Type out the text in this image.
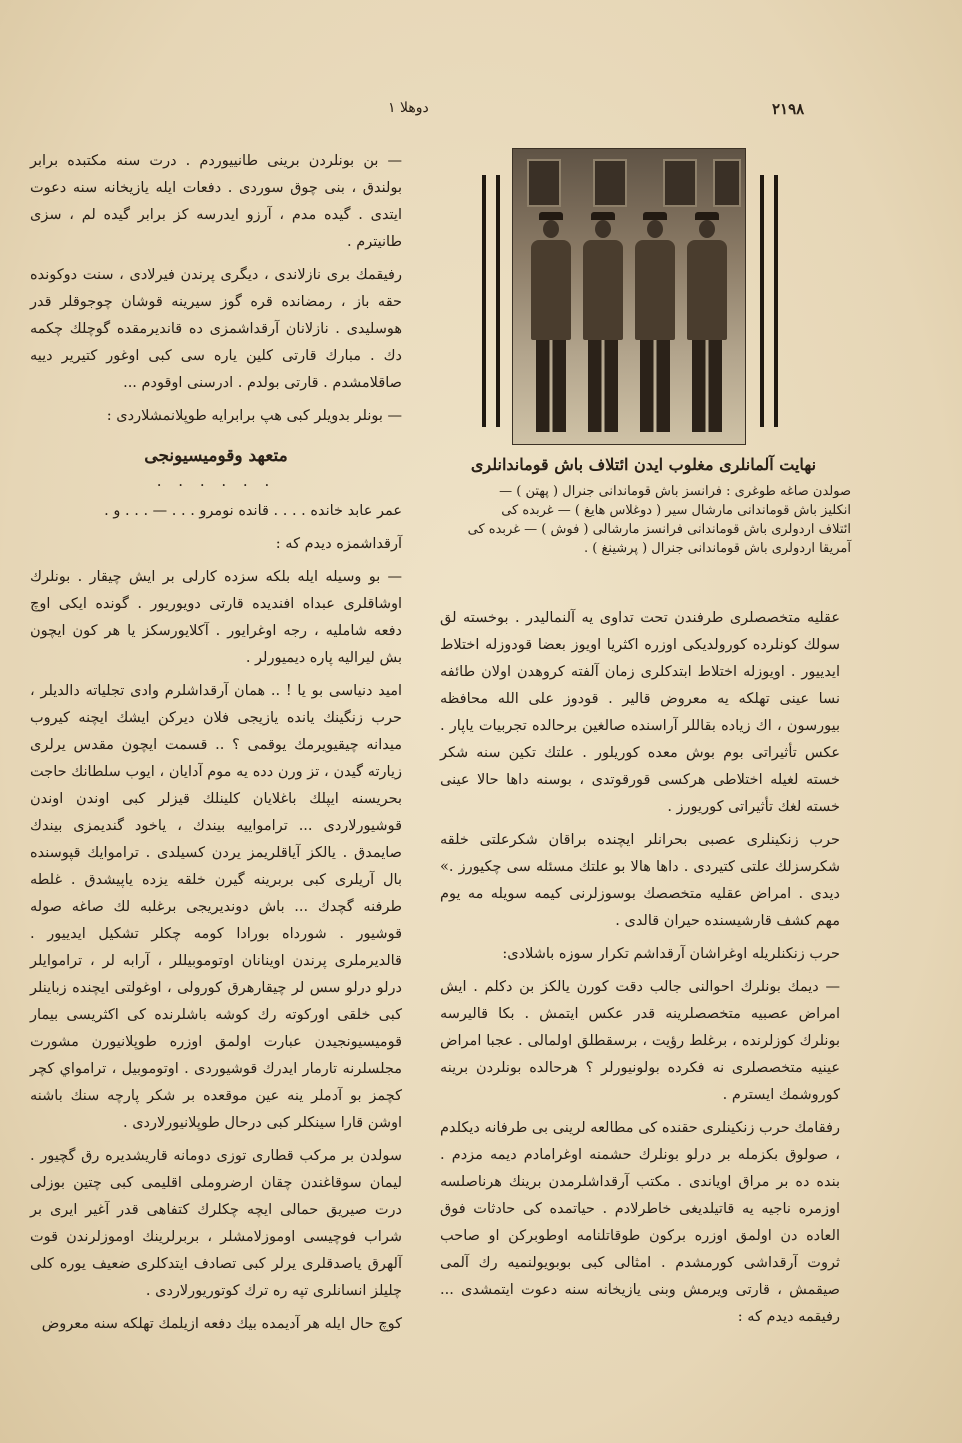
٢١٩٨
دوهلا ١
نهایت آلمانلری مغلوب ایدن ائتلاف باش قوماندانلری
صولدن صاغه طوغری : فرانسز باش قوماندانی جنرال ( پهتن ) —
انکلیز باش قوماندانی مارشال سیر ( دوغلاس هایغ ) — غربده کی
ائتلاف اردولری باش قوماندانی فرانسز مارشالی ( فوش ) — غربده کی
آمریقا اردولری باش قوماندانی جنرال ( پرشینغ ) .

— بن بونلردن برینی طانییوردم . درت سنه مکتبده برابر بولندق ، بنی چوق سوردی . دفعات ایله یازیخانه سنه دعوت ایتدی . گیده مدم ، آرزو ایدرسه کز برابر گیده لم ، سزی طانیترم .

رفیقمك بری نازلاندی ، دیگری پرندن فیرلادی ، سنت دوکونده حقه باز ، رمضانده قره گوز سیرینه قوشان چوجوقلر قدر هوسلیدی . نازلانان آرقداشمزی ده قاندیرمقده گوچلك چکمه دك . مبارك قارتی کلین یاره سی کبی اوغور کتیریر دییه صاقلامشدم . قارتی بولدم . ادرسنی اوقودم ...

— بونلر بدویلر کبی هپ برابرایه طوپلانمشلاردی :

متعهد وقومیسیونجی
. . . . . .

عمر عابد خانده . . . . قانده نومرو . . . — . . . و .

آرقداشمزه دیدم که :

— بو وسیله ایله بلکه سزده کارلی بر ایش چیقار . بونلرك اوشاقلری عبداه افندیده قارتی دویوریور . گونده ایکی اوچ دفعه شامليه ، رجه اوغرایور . آکلایورسکز یا هر کون ایچون بش لیرالیه پاره دیمیورلر .

امید دنیاسی بو یا ! .. همان آرقداشلرم وادی تجلیاته دالدیلر ، حرب زنگینك یانده یازیجی فلان دیرکن ایشك ایچنه کیروب میدانه چیقیویرمك یوقمی ؟ .. قسمت ایچون مقدس یرلری زیارته گیدن ، تز ورن دده یه موم آدایان ، ایوب سلطانك حاجت بحریسنه ایپلك باغلایان کلینلك قیزلر کبی اوندن اوندن قوشیورلاردی ... ترامواییه بیندك ، یاخود گندیمزی بیندك صایمدق . یالکز آیاقلریمز یردن کسیلدی . تراموایك قپوسنده بال آریلری کبی بربرینه گیرن خلقه یزده یاپیشدق . غلطه طرفنه گچدك ... باش دوندیریجی برغلبه لك صاغه صوله قوشیور . شورداه بورادا کومه چکلر تشکیل ایدییور . قالدیرملری پرندن اوینانان اوتوموبیللر ، آرابه لر ، تراموایلر درلو درلو سس لر چیقارهرق کورولی ، اوغولتی ایچنده زباینلر کبی خلقی اورکوته رك کوشه باشلرنده کی اکثریسی بیمار قومیسیونجیدن عبارت اولمق اوزره طوپلانیورن مشورت مجلسلرنه تارمار ایدرك قوشیوردی . اوتوموبیل ، ترامواي کچر کچمز بو آدملر ینه عین موقعده بر شکر پارچه سنك باشنه اوشن قارا سینکلر کبی درحال طوپلانیورلاردی .

سولدن بر مرکب قطاری توزی دومانه قاریشدیره رق گچیور . لیمان سوقاغندن چقان ارضروملی اقلیمی کبی چتین بوزلی درت صیریق حمالی ایچه چکلرك کتفاهی قدر آغیر ایری بر شراب فوچیسی اوموزلامشلر ، بربرلرینك اوموزلرندن قوت آلهرق یاصدقلری یرلر کبی تصادف ایتدکلری ضعیف یوره کلی چلیلز انسانلری تپه ره ترك کوتوریورلاردی .

کوچ حال ایله هر آدیمده بیك دفعه ازیلمك تهلکه سنه معروض

عقلیه متخصصلری طرفندن تحت تداوی یه آلنمالیدر . بوخسته لق سولك کونلرده کورولدیکی اوزره اکثریا اویوز بعضا قودوزله اختلاط ایدییور . اویوزله اختلاط ابتدکلری زمان آلفته کروهدن اولان طائفه نسا عینی تهلکه یه معروض قالیر . قودوز علی الله محافظه بیورسون ، اك زیاده بقاللر آراسنده صالغین برحالده تجربیات یاپار . عکس تأثیراتی بوم بوش معده کوریلور . علتك تکین سنه شکر خسته لغیله اختلاطی هرکسی قورقوتدی ، بوسنه داها حالا عینی خسته لغك تأثیراتی کوریورز .

حرب زنکینلری عصبی بحرانلر ایچنده براقان شکرعلتی خلقه شکرسزلك علتی کتیردی . داها هالا بو علتك مسئله سی چکیورز .» دیدی . امراض عقلیه متخصصك بوسوزلرنی کیمه سویله مه یوم مهم کشف قارشیسنده حیران قالدی .

حرب زنکنلریله اوغراشان آرقداشم تکرار سوزه باشلادی:

— دیمك بونلرك احوالنی جالب دقت کورن یالکز بن دکلم . ایش امراض عصبیه متخصصلرینه قدر عکس ایتمش . بکا قالیرسه بونلرك کوزلرنده ، برغلط رؤیت ، برسقطلق اولمالی . عجبا امراض عینیه متخصصلری نه فکرده بولونیورلر ؟ هرحالده بونلردن برینه کوروشمك ایسترم .

رفقامك حرب زنکینلری حقنده کی مطالعه لرینی بی طرفانه دیکلدم ، صولوق بکزمله بر درلو بونلرك حشمنه اوغرامادم دیمه مزدم . بنده ده بر مراق اویاندی . مکتب آرقداشلرمدن برینك هرناصلسه اوزمره ناجیه یه قاتیلدیغی خاطرلادم . حیاتمده کی حادثات فوق العاده دن اولمق اوزره برکون طوقاتلنامه اوطوبرکن او صاحب ثروت آرقداشی کورمشدم . امثالی کبی بوبویولنمیه رك آلمی صیقمش ، قارتی ویرمش وبنی یازیخانه سنه دعوت ایتمشدی ... رفیقمه دیدم که :
